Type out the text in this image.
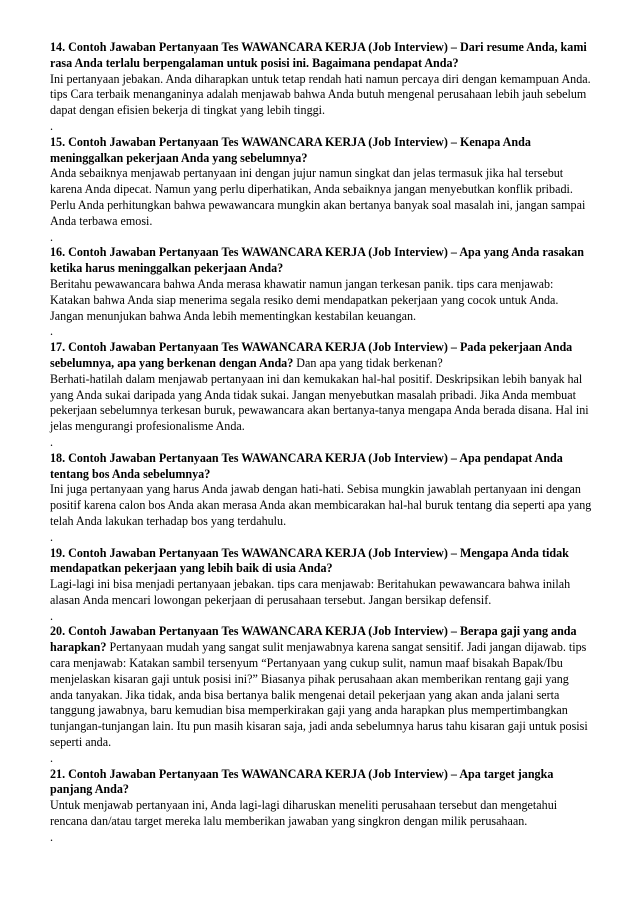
14. Contoh Jawaban Pertanyaan Tes WAWANCARA KERJA (Job Interview) – Dari resume Anda, kami rasa Anda terlalu berpengalaman untuk posisi ini. Bagaimana pendapat Anda?
Ini pertanyaan jebakan. Anda diharapkan untuk tetap rendah hati namun percaya diri dengan kemampuan Anda. tips Cara terbaik menanganinya adalah menjawab bahwa Anda butuh mengenal perusahaan lebih jauh sebelum dapat dengan efisien bekerja di tingkat yang lebih tinggi.
.
15. Contoh Jawaban Pertanyaan Tes WAWANCARA KERJA (Job Interview) – Kenapa Anda meninggalkan pekerjaan Anda yang sebelumnya?
Anda sebaiknya menjawab pertanyaan ini dengan jujur namun singkat dan jelas termasuk jika hal tersebut karena Anda dipecat. Namun yang perlu diperhatikan, Anda sebaiknya jangan menyebutkan konflik pribadi. Perlu Anda perhitungkan bahwa pewawancara mungkin akan bertanya banyak soal masalah ini, jangan sampai Anda terbawa emosi.
.
16. Contoh Jawaban Pertanyaan Tes WAWANCARA KERJA (Job Interview) – Apa yang Anda rasakan ketika harus meninggalkan pekerjaan Anda?
Beritahu pewawancara bahwa Anda merasa khawatir namun jangan terkesan panik. tips cara menjawab: Katakan bahwa Anda siap menerima segala resiko demi mendapatkan pekerjaan yang cocok untuk Anda. Jangan menunjukan bahwa Anda lebih mementingkan kestabilan keuangan.
.
17. Contoh Jawaban Pertanyaan Tes WAWANCARA KERJA (Job Interview) – Pada pekerjaan Anda sebelumnya, apa yang berkenan dengan Anda? Dan apa yang tidak berkenan?
Berhati-hatilah dalam menjawab pertanyaan ini dan kemukakan hal-hal positif. Deskripsikan lebih banyak hal yang Anda sukai daripada yang Anda tidak sukai. Jangan menyebutkan masalah pribadi. Jika Anda membuat pekerjaan sebelumnya terkesan buruk, pewawancara akan bertanya-tanya mengapa Anda berada disana. Hal ini jelas mengurangi profesionalisme Anda.
.
18. Contoh Jawaban Pertanyaan Tes WAWANCARA KERJA (Job Interview) – Apa pendapat Anda tentang bos Anda sebelumnya?
Ini juga pertanyaan yang harus Anda jawab dengan hati-hati. Sebisa mungkin jawablah pertanyaan ini dengan positif karena calon bos Anda akan merasa Anda akan membicarakan hal-hal buruk tentang dia seperti apa yang telah Anda lakukan terhadap bos yang terdahulu.
.
19. Contoh Jawaban Pertanyaan Tes WAWANCARA KERJA (Job Interview) – Mengapa Anda tidak mendapatkan pekerjaan yang lebih baik di usia Anda?
Lagi-lagi ini bisa menjadi pertanyaan jebakan. tips cara menjawab: Beritahukan pewawancara bahwa inilah alasan Anda mencari lowongan pekerjaan di perusahaan tersebut. Jangan bersikap defensif.
.
20. Contoh Jawaban Pertanyaan Tes WAWANCARA KERJA (Job Interview) – Berapa gaji yang anda harapkan? Pertanyaan mudah yang sangat sulit menjawabnya karena sangat sensitif. Jadi jangan dijawab. tips cara menjawab: Katakan sambil tersenyum “Pertanyaan yang cukup sulit, namun maaf bisakah Bapak/Ibu menjelaskan kisaran gaji untuk posisi ini?” Biasanya pihak perusahaan akan memberikan rentang gaji yang anda tanyakan. Jika tidak, anda bisa bertanya balik mengenai detail pekerjaan yang akan anda jalani serta tanggung jawabnya, baru kemudian bisa memperkirakan gaji yang anda harapkan plus mempertimbangkan tunjangan-tunjangan lain. Itu pun masih kisaran saja, jadi anda sebelumnya harus tahu kisaran gaji untuk posisi seperti anda.
.
21. Contoh Jawaban Pertanyaan Tes WAWANCARA KERJA (Job Interview) – Apa target jangka panjang Anda?
Untuk menjawab pertanyaan ini, Anda lagi-lagi diharuskan meneliti perusahaan tersebut dan mengetahui rencana dan/atau target mereka lalu memberikan jawaban yang singkron dengan milik perusahaan.
.
